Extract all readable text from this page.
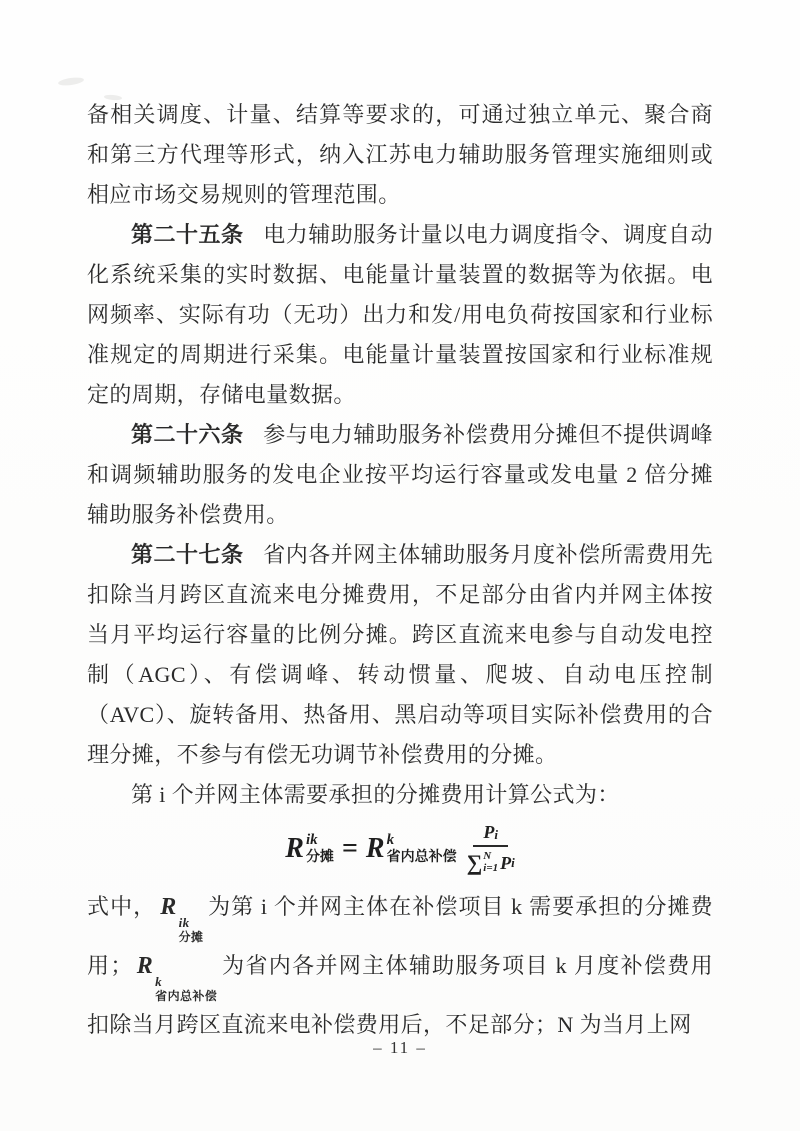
备相关调度、计量、结算等要求的，可通过独立单元、聚合商和第三方代理等形式，纳入江苏电力辅助服务管理实施细则或相应市场交易规则的管理范围。

第二十五条 电力辅助服务计量以电力调度指令、调度自动化系统采集的实时数据、电能量计量装置的数据等为依据。电网频率、实际有功（无功）出力和发/用电负荷按国家和行业标准规定的周期进行采集。电能量计量装置按国家和行业标准规定的周期，存储电量数据。

第二十六条 参与电力辅助服务补偿费用分摊但不提供调峰和调频辅助服务的发电企业按平均运行容量或发电量 2 倍分摊辅助服务补偿费用。

第二十七条 省内各并网主体辅助服务月度补偿所需费用先扣除当月跨区直流来电分摊费用，不足部分由省内并网主体按当月平均运行容量的比例分摊。跨区直流来电参与自动发电控制（AGC）、有偿调峰、转动惯量、爬坡、自动电压控制（AVC）、旋转备用、热备用、黑启动等项目实际补偿费用的合理分摊，不参与有偿无功调节补偿费用的分摊。

第 i 个并网主体需要承担的分摊费用计算公式为：

R ik
分摊 = R k
省内总补偿 P i
∑ N
i=1 P i

式中， R
ik
分摊
为第 i 个并网主体在补偿项目 k 需要承担的分摊费用； R
k
省内总补偿
为省内各并网主体辅助服务项目 k 月度补偿费用扣除当月跨区直流来电补偿费用后，不足部分；N 为当月上网

– 11 –
